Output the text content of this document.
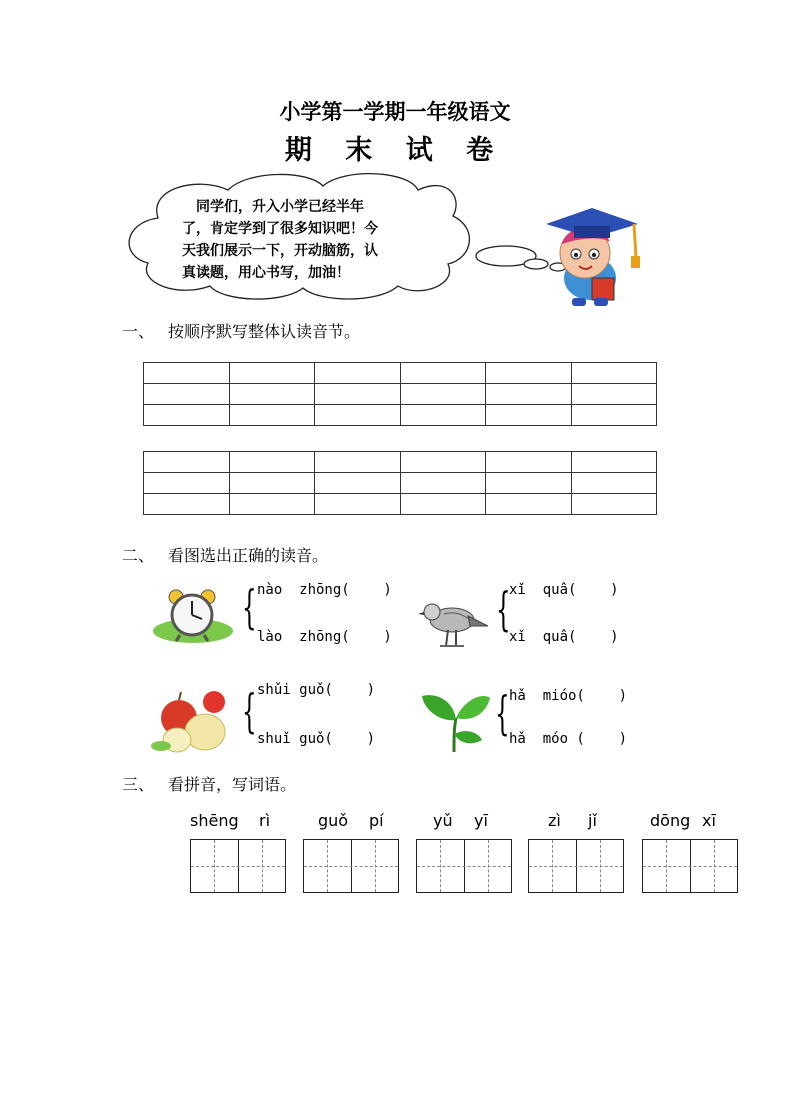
小学第一学期一年级语文
期 末 试 卷
　同学们，升入小学已经半年
了，肯定学到了很多知识吧！今
天我们展示一下，开动脑筋，认
真读题，用心书写，加油！
一、 按顺序默写整体认读音节。

二、 看图选出正确的读音。
{ nào  zhōng(    )
lào  zhōng(    )
{
xǐ  quâ(    )
xǐ  quâ(    )
{ shǔi guǒ(    )
shuǐ guǒ(    )	{ hǎ  mióo(    )
hǎ  móo (    )
三、 看拼音，写词语。
shēng rì	guǒ pí	yǔ yī	zì jǐ	dōng xī
